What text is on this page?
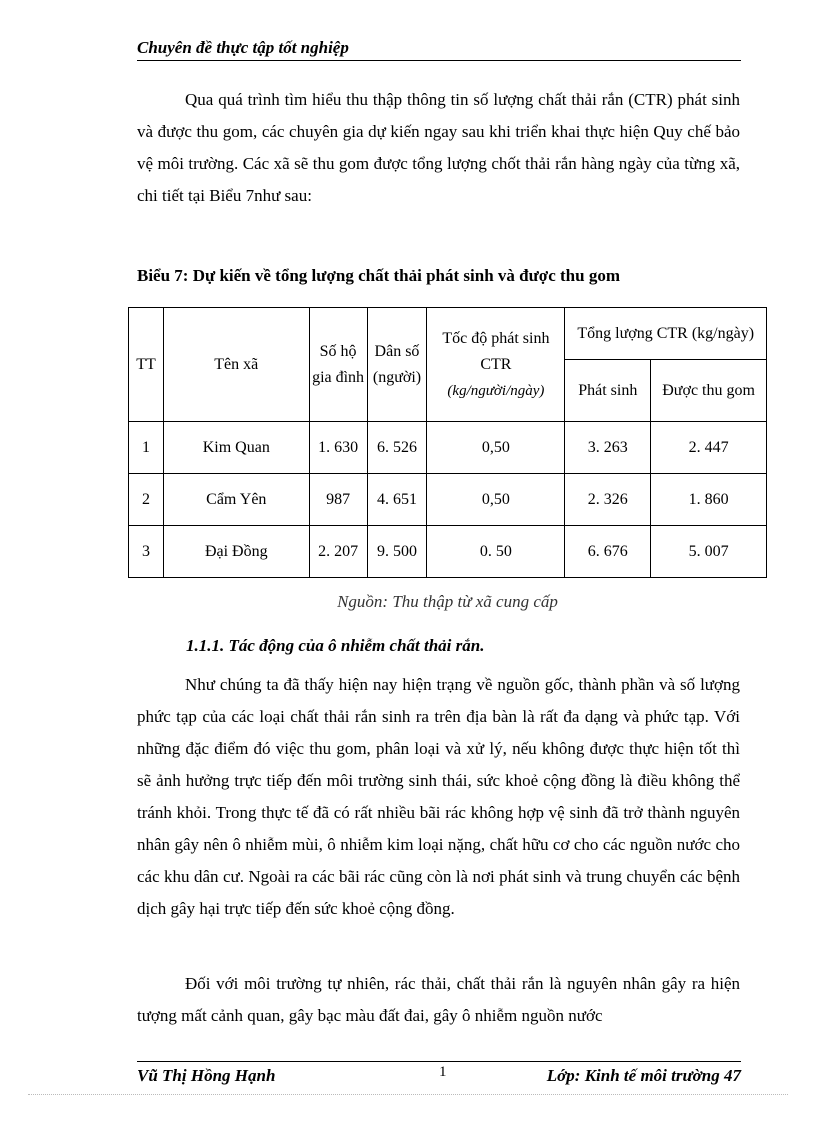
Chuyên đề thực tập tốt nghiệp

Qua quá trình tìm hiểu thu thập thông tin số lượng chất thải rắn (CTR) phát sinh và được thu gom, các chuyên gia dự kiến ngay sau khi triển khai thực hiện Quy chế bảo vệ môi trường. Các xã sẽ thu gom được tổng lượng chốt thải rắn hàng ngày của từng xã, chi tiết tại Biểu 7như sau:

Biểu 7: Dự kiến về tổng lượng chất thải phát sinh và được thu gom
TT	Tên xã	Số hộ gia đình	Dân số (người)	Tốc độ phát sinh CTR
(kg/người/ngày)	Tổng lượng CTR (kg/ngày)	
					Phát sinh	Được thu gom
1	Kim Quan	1. 630	6. 526	0,50	3. 263	2. 447
2	Cẩm Yên	987	4. 651	0,50	2. 326	1. 860
3	Đại Đồng	2. 207	9. 500	0. 50	6. 676	5. 007
Nguồn: Thu thập từ xã cung cấp
1.1.1. Tác động của ô nhiễm chất thải rắn.

Như chúng ta đã thấy hiện nay hiện trạng về nguồn gốc, thành phần và số lượng phức tạp của các loại chất thải rắn sinh ra trên địa bàn là rất đa dạng và phức tạp. Với những đặc điểm đó việc thu gom, phân loại và xử lý, nếu không được thực hiện tốt thì sẽ ảnh hưởng trực tiếp đến môi trường sinh thái, sức khoẻ cộng đồng là điều không thể tránh khỏi. Trong thực tế đã có rất nhiều bãi rác không hợp vệ sinh đã trở thành nguyên nhân gây nên ô nhiễm mùi, ô nhiễm kim loại nặng, chất hữu cơ cho các nguồn nước cho các khu dân cư. Ngoài ra các bãi rác cũng còn là nơi phát sinh và trung chuyển các bệnh dịch gây hại trực tiếp đến sức khoẻ cộng đồng.

Đối với môi trường tự nhiên, rác thải, chất thải rắn là nguyên nhân gây ra hiện tượng mất cảnh quan, gây bạc màu đất đai, gây ô nhiễm nguồn nước

Vũ Thị Hồng Hạnh	1	Lớp: Kinh tế môi trường 47
